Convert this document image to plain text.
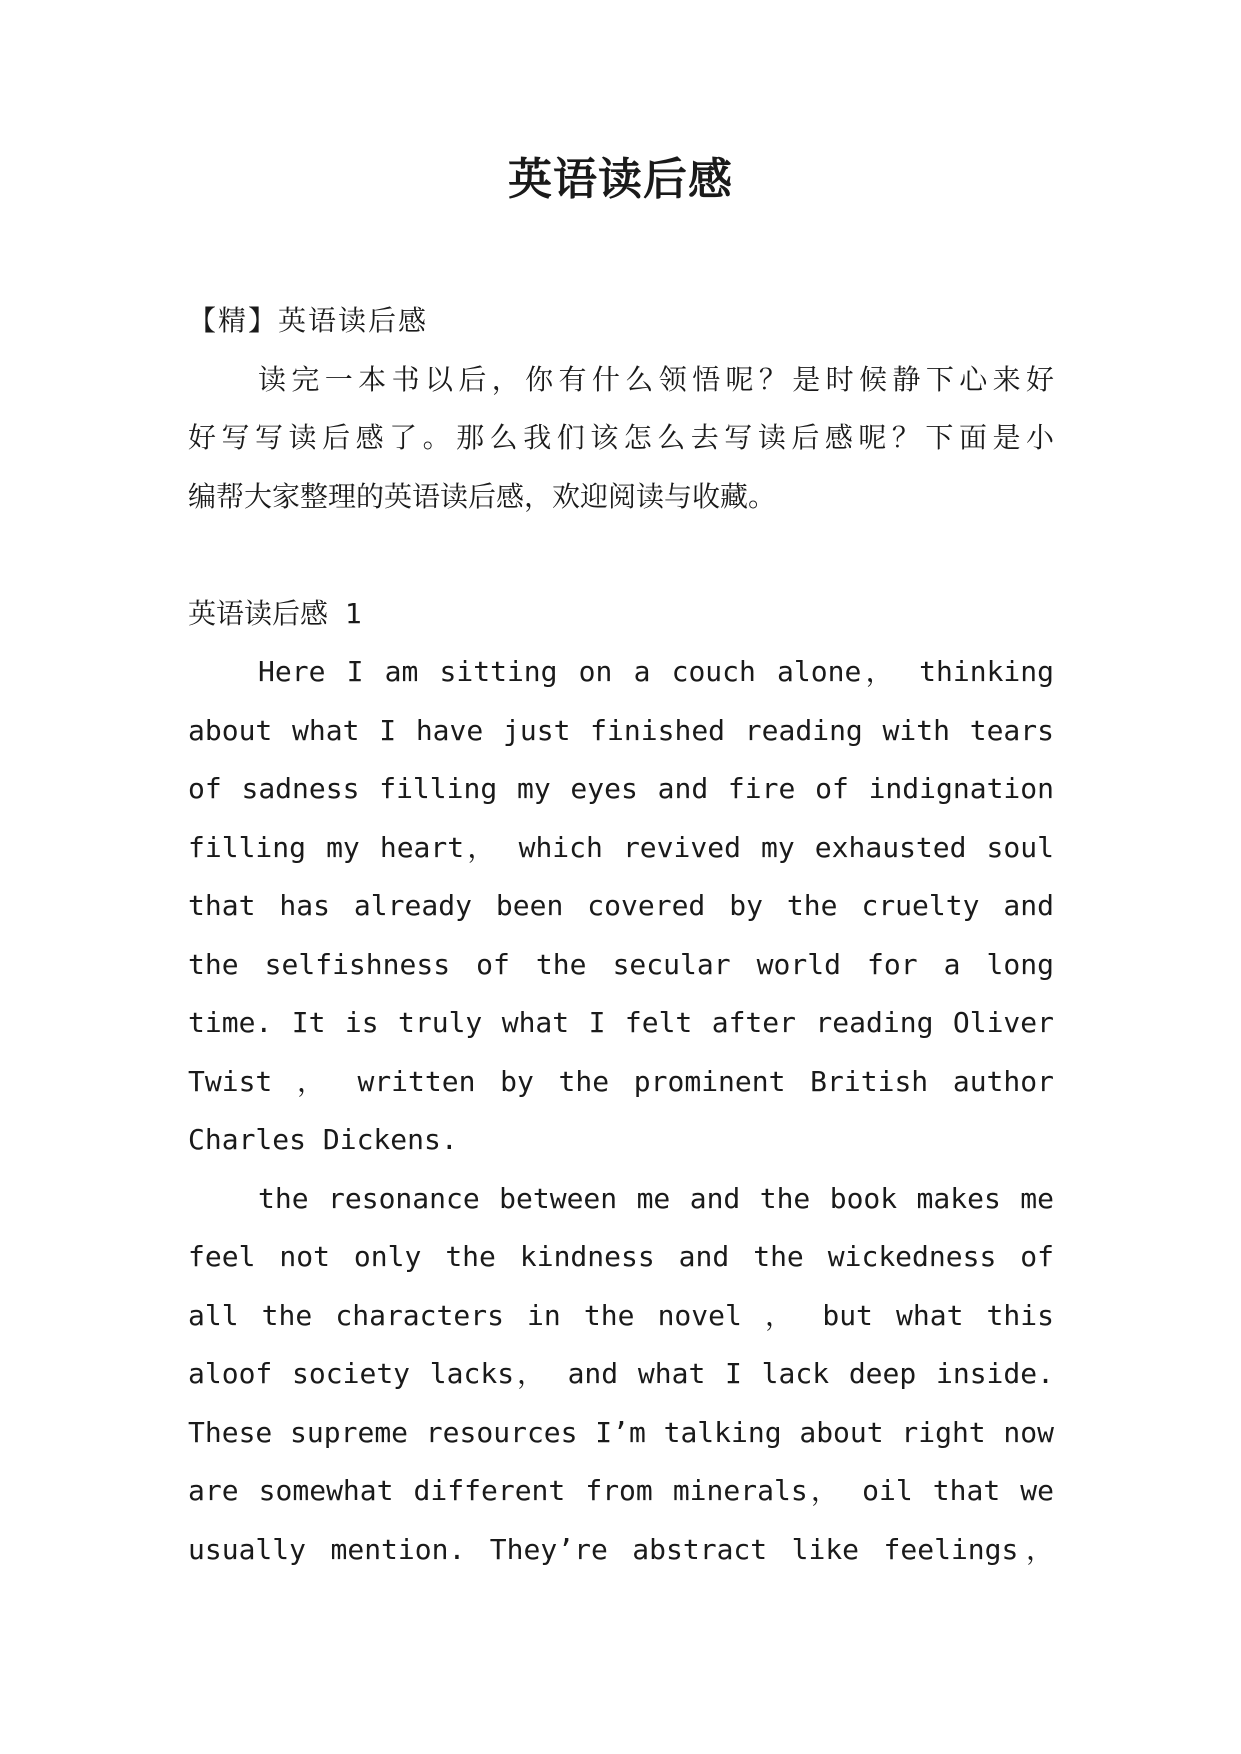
英语读后感
【精】英语读后感
读完一本书以后，你有什么领悟呢？是时候静下心来好
好写写读后感了。那么我们该怎么去写读后感呢？下面是小
编帮大家整理的英语读后感，欢迎阅读与收藏。
英语读后感 1
Here I am sitting on a couch alone， thinking
about what I have just finished reading with tears
of sadness filling my eyes and fire of indignation
filling my heart， which revived my exhausted soul
that has already been covered by the cruelty and
the selfishness of the secular world for a long
time. It is truly what I felt after reading Oliver
Twist ， written by the prominent British author
Charles Dickens.
the resonance between me and the book makes me
feel not only the kindness and the wickedness of
all the characters in the novel ， but what this
aloof society lacks， and what I lack deep inside.
These supreme resources I’m talking about right now
are somewhat different from minerals， oil that we
usually mention. They’re abstract like feelings，
